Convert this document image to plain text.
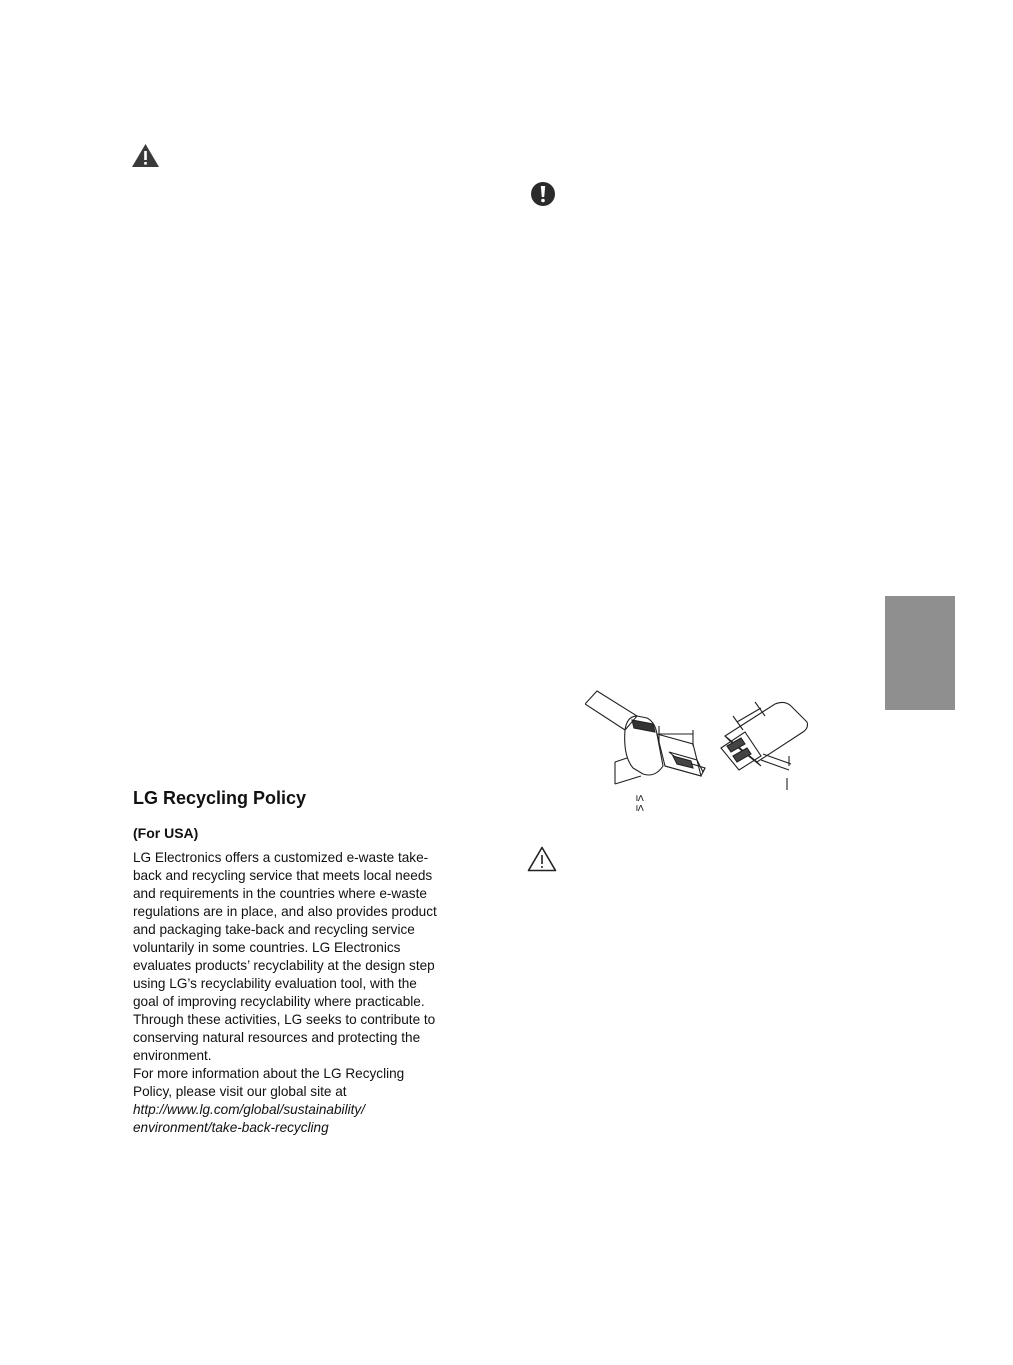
LG Recycling Policy
(For USA)
LG Electronics offers a customized e-waste take-
back and recycling service that meets local needs
and requirements in the countries where e-waste
regulations are in place, and also provides product
and packaging take-back and recycling service
voluntarily in some countries. LG Electronics
evaluates products’ recyclability at the design step
using LG’s recyclability evaluation tool, with the
goal of improving recyclability where practicable.
Through these activities, LG seeks to contribute to
conserving natural resources and protecting the
environment.
For more information about the LG Recycling
Policy, please visit our global site at
http://www.lg.com/global/sustainability/
environment/take-back-recycling
≤ ≤
